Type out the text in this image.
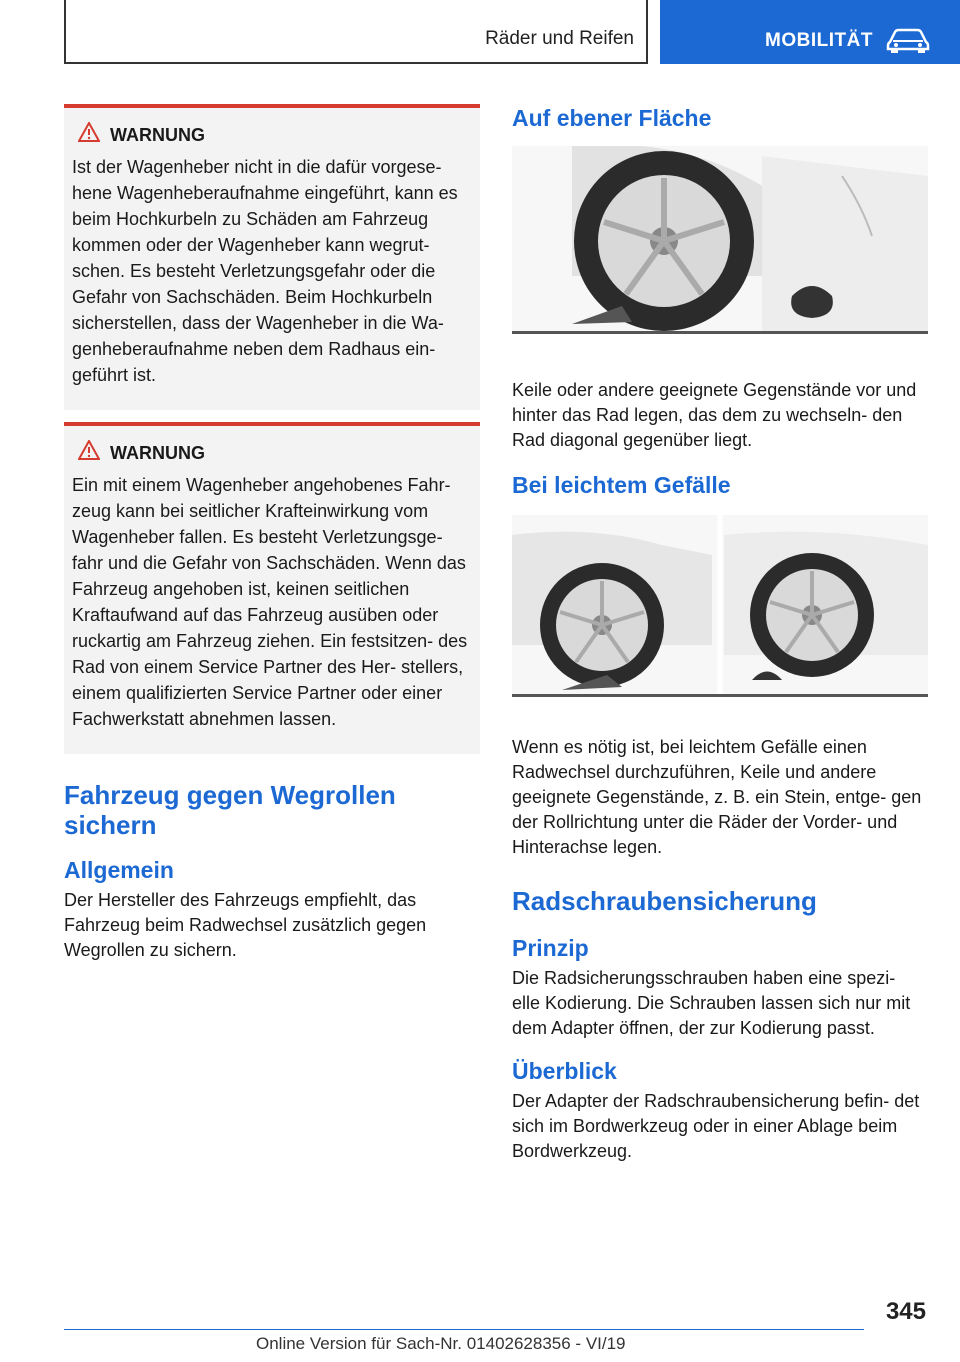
Räder und Reifen	MOBILITÄT
WARNUNG

Ist der Wagenheber nicht in die dafür vorgese- hene Wagenheberaufnahme eingeführt, kann es beim Hochkurbeln zu Schäden am Fahrzeug kommen oder der Wagenheber kann wegrut- schen. Es besteht Verletzungsgefahr oder die Gefahr von Sachschäden. Beim Hochkurbeln sicherstellen, dass der Wagenheber in die Wa- genheberaufnahme neben dem Radhaus ein- geführt ist.

WARNUNG

Ein mit einem Wagenheber angehobenes Fahr- zeug kann bei seitlicher Krafteinwirkung vom Wagenheber fallen. Es besteht Verletzungsge- fahr und die Gefahr von Sachschäden. Wenn das Fahrzeug angehoben ist, keinen seitlichen Kraftaufwand auf das Fahrzeug ausüben oder ruckartig am Fahrzeug ziehen. Ein festsitzen- des Rad von einem Service Partner des Her- stellers, einem qualifizierten Service Partner oder einer Fachwerkstatt abnehmen lassen.

Fahrzeug gegen Wegrollen sichern
Allgemein

Der Hersteller des Fahrzeugs empfiehlt, das Fahrzeug beim Radwechsel zusätzlich gegen Wegrollen zu sichern.

Auf ebener Fläche

Keile oder andere geeignete Gegenstände vor und hinter das Rad legen, das dem zu wechseln- den Rad diagonal gegenüber liegt.

Bei leichtem Gefälle

Wenn es nötig ist, bei leichtem Gefälle einen Radwechsel durchzuführen, Keile und andere geeignete Gegenstände, z. B. ein Stein, entge- gen der Rollrichtung unter die Räder der Vorder- und Hinterachse legen.

Radschraubensicherung
Prinzip

Die Radsicherungsschrauben haben eine spezi- elle Kodierung. Die Schrauben lassen sich nur mit dem Adapter öffnen, der zur Kodierung passt.

Überblick

Der Adapter der Radschraubensicherung befin- det sich im Bordwerkzeug oder in einer Ablage beim Bordwerkzeug.

345
Online Version für Sach-Nr. 01402628356 - VI/19
